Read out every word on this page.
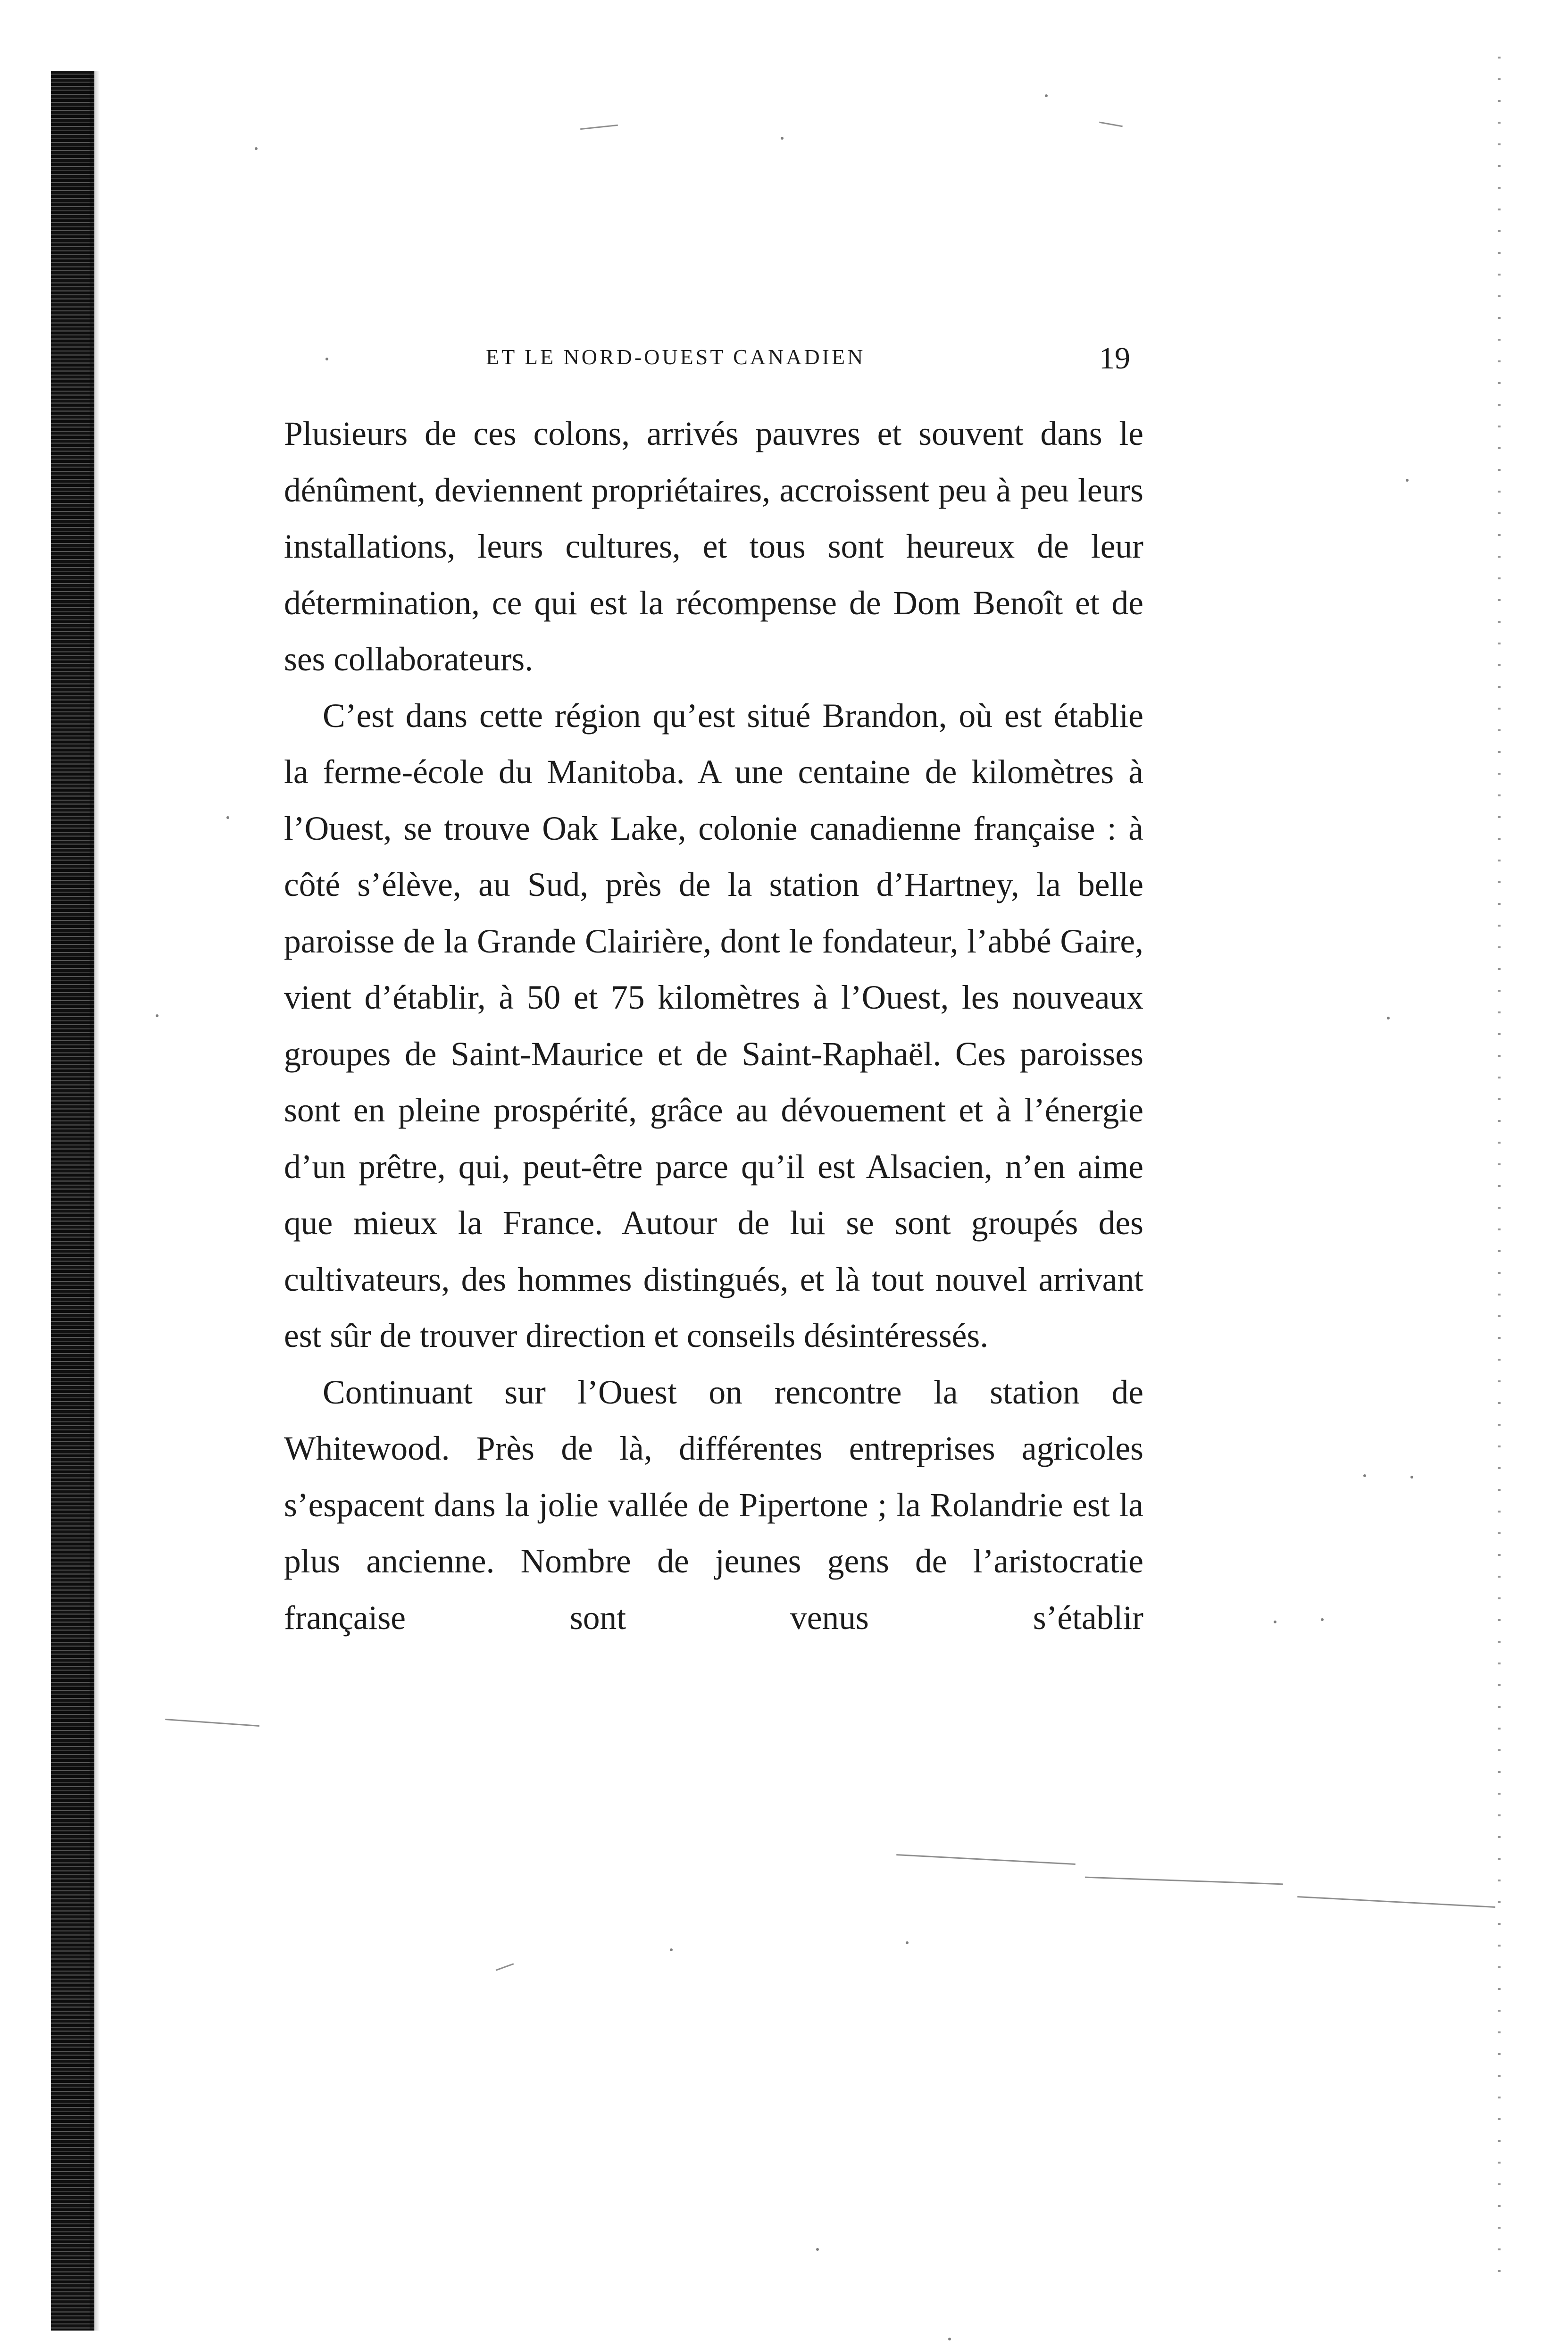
ET LE NORD-OUEST CANADIEN	19

Plusieurs de ces colons, arrivés pauvres et souvent dans le dénûment, deviennent propriétaires, accroissent peu à peu leurs installations, leurs cultures, et tous sont heureux de leur détermination, ce qui est la récompense de Dom Benoît et de ses collaborateurs.

C’est dans cette région qu’est situé Brandon, où est établie la ferme-école du Manitoba. A une centaine de kilomètres à l’Ouest, se trouve Oak Lake, colonie canadienne française : à côté s’élève, au Sud, près de la station d’Hartney, la belle paroisse de la Grande Clairière, dont le fondateur, l’abbé Gaire, vient d’établir, à 50 et 75 kilomètres à l’Ouest, les nouveaux groupes de Saint-Maurice et de Saint-Raphaël. Ces paroisses sont en pleine prospérité, grâce au dévouement et à l’énergie d’un prêtre, qui, peut-être parce qu’il est Alsacien, n’en aime que mieux la France. Autour de lui se sont groupés des cultivateurs, des hommes distingués, et là tout nouvel arrivant est sûr de trouver direction et conseils désintéressés.

Continuant sur l’Ouest on rencontre la station de Whitewood. Près de là, différentes entreprises agricoles s’espacent dans la jolie vallée de Pipertone ; la Rolandrie est la plus ancienne. Nombre de jeunes gens de l’aristocratie française sont venus s’établir
